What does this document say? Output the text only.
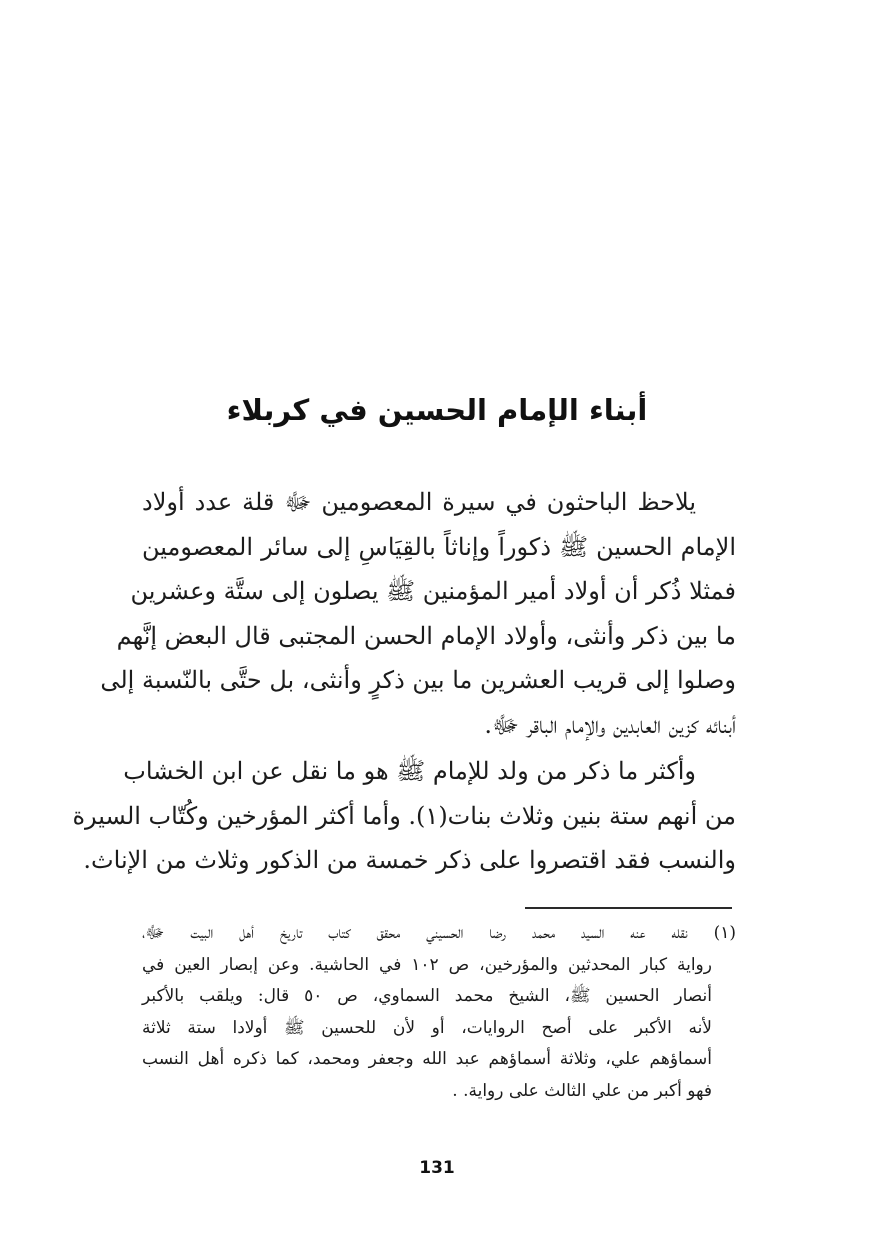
أبناء الإمام الحسين في كربلاء
يلاحظ الباحثون في سيرة المعصومين ﷻ قلة عدد أولاد
الإمام الحسين ﷺ ذكوراً وإناثاً بالقِيَاسِ إلى سائر المعصومين
فمثلا ذُكر أن أولاد أمير المؤمنين ﷺ يصلون إلى ستَّة وعشرين
ما بين ذكر وأنثى، وأولاد الإمام الحسن المجتبى قال البعض إنَّهم
وصلوا إلى قريب العشرين ما بين ذكرٍ وأنثى، بل حتَّى بالنّسبة إلى
أبنائه كزين العابدين والإمام الباقر ﷻ.
وأكثر ما ذكر من ولد للإمام ﷺ هو ما نقل عن ابن الخشاب
من أنهم ستة بنين وثلاث بنات(١). وأما أكثر المؤرخين وكُتّاب السيرة
والنسب فقد اقتصروا على ذكر خمسة من الذكور وثلاث من الإناث.
(١) نقله عنه السيد محمد رضا الحسيني محقق كتاب تاريخ أهل البيت ﷻ،
رواية كبار المحدثين والمؤرخين، ص ١٠٢ في الحاشية. وعن إبصار العين في
أنصار الحسين ﷺ، الشيخ محمد السماوي، ص ٥٠ قال: ويلقب بالأكبر
لأنه الأكبر على أصح الروايات، أو لأن للحسين ﷺ أولادا ستة ثلاثة
أسماؤهم علي، وثلاثة أسماؤهم عبد الله وجعفر ومحمد، كما ذكره أهل النسب
فهو أكبر من علي الثالث على رواية. .
131
